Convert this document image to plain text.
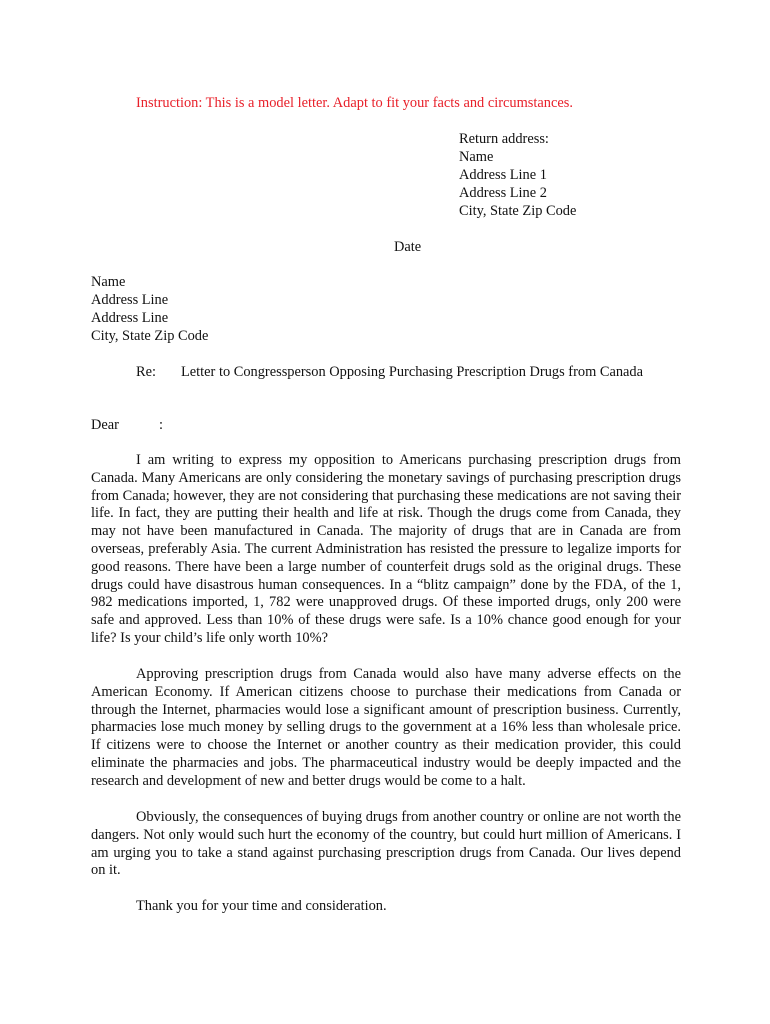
Instruction: This is a model letter. Adapt to fit your facts and circumstances.
Return address:
Name
Address Line 1
Address Line 2
City, State Zip Code
Date
Name
Address Line
Address Line
City, State Zip Code
Re: Letter to Congressperson Opposing Purchasing Prescription Drugs from Canada
Dear	:

I am writing to express my opposition to Americans purchasing prescription drugs from Canada. Many Americans are only considering the monetary savings of purchasing prescription drugs from Canada; however, they are not considering that purchasing these medications are not saving their life. In fact, they are putting their health and life at risk. Though the drugs come from Canada, they may not have been manufactured in Canada. The majority of drugs that are in Canada are from overseas, preferably Asia. The current Administration has resisted the pressure to legalize imports for good reasons. There have been a large number of counterfeit drugs sold as the original drugs. These drugs could have disastrous human consequences. In a “blitz campaign” done by the FDA, of the 1, 982 medications imported, 1, 782 were unapproved drugs. Of these imported drugs, only 200 were safe and approved. Less than 10% of these drugs were safe. Is a 10% chance good enough for your life? Is your child’s life only worth 10%?

Approving prescription drugs from Canada would also have many adverse effects on the American Economy. If American citizens choose to purchase their medications from Canada or through the Internet, pharmacies would lose a significant amount of prescription business. Currently, pharmacies lose much money by selling drugs to the government at a 16% less than wholesale price. If citizens were to choose the Internet or another country as their medication provider, this could eliminate the pharmacies and jobs. The pharmaceutical industry would be deeply impacted and the research and development of new and better drugs would be come to a halt.

Obviously, the consequences of buying drugs from another country or online are not worth the dangers. Not only would such hurt the economy of the country, but could hurt million of Americans. I am urging you to take a stand against purchasing prescription drugs from Canada. Our lives depend on it.

Thank you for your time and consideration.
